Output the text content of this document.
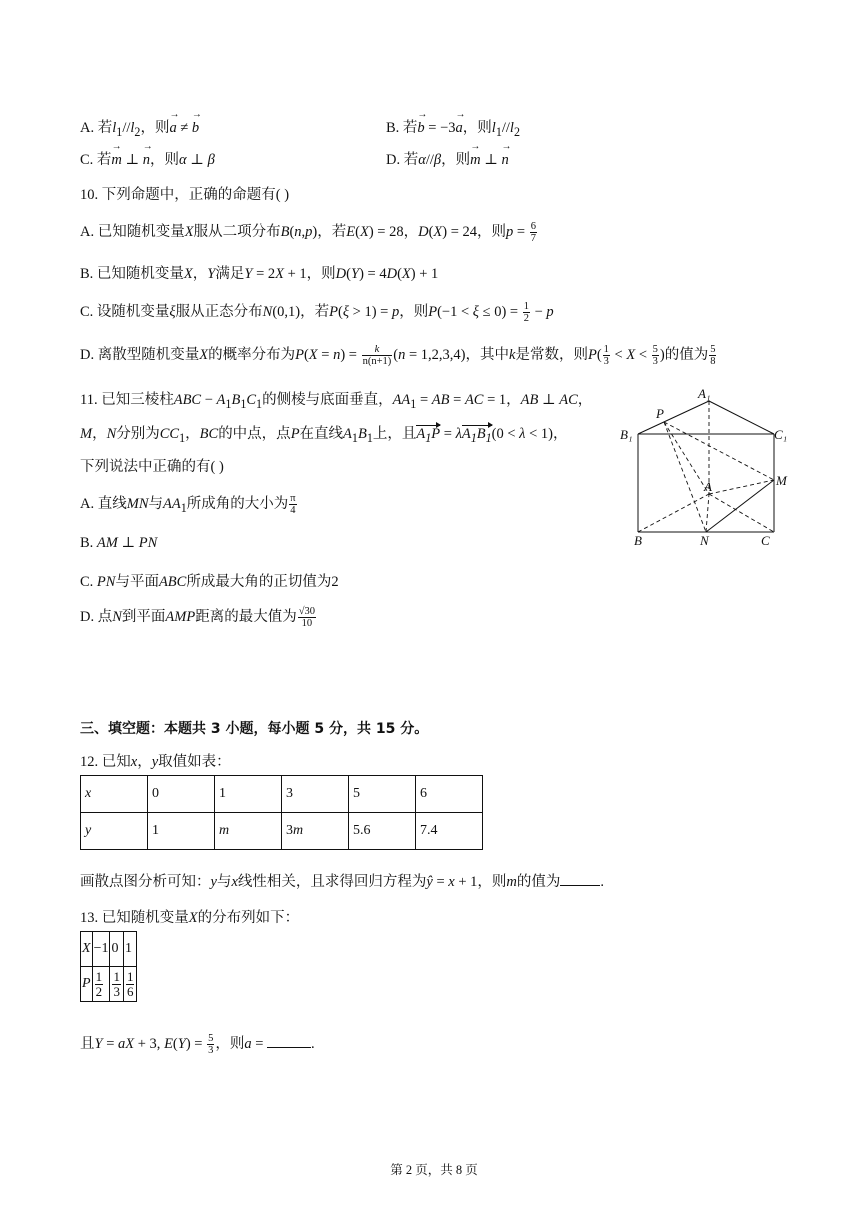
A. 若$l_1//l_2$，则→ a ≠ → b	B. 若→ b = −3→ a，则$l_1//l_2$
C. 若→ m ⊥ → n，则α ⊥ β	D. 若α//β，则→ m ⊥ → n
10. 下列命题中，正确的命题有( )
A. 已知随机变量X服从二项分布B(n,p)，若E(X) = 28，D(X) = 24，则$p = \frac{6}{7}$
B. 已知随机变量X，Y满足Y = 2X + 1，则D(Y) = 4D(X) + 1
C. 设随机变量ξ服从正态分布N(0,1)，若P(ξ > 1) = p，则$P(-1 < \xi \le 0) = \frac{1}{2} - p$
D. 离散型随机变量X的概率分布为$P(X = n) = \frac{k}{n(n+1)} (n = 1,2,3,4)$，其中k是常数，则$P( \frac{1}{3} < X < \frac{5}{3}$ )的值为 $\frac{5}{8}$
11. 已知三棱柱ABC − $A_1B_1C_1$的侧棱与底面垂直，$AA_1$ = AB = AC = 1，AB ⊥ AC，
M，N分别为$CC_1$，BC的中点，点P在直线$A_1B_1$上，且$A_1P = \lambda A_1B_1(0 < \lambda < 1)$，
下列说法中正确的有( )
A. 直线MN与$AA_1$所成角的大小为 $\frac{\pi}{4}$
B. AM ⊥ PN
C. PN与平面ABC所成最大角的正切值为2
D. 点N到平面AMP距离的最大值为 $\frac{√30}{10}$
A₁
P
B₁	C₁
M
A
B	N	C
三、填空题：本题共 3 小题，每小题 5 分，共 15 分。
12. 已知x，y取值如表：
x	0	1	3	5	6
y	1	m	3m	5.6	7.4
画散点图分析可知：y与x线性相关，且求得回归方程为ŷ = x + 1，则m的值为	.
13. 已知随机变量X的分布列如下：
X	−1	0	1
P	$\frac{1}{2}$	$\frac{1}{3}$	$\frac{1}{6}$
且Y = aX + 3, $E(Y) = \frac{5}{3}$ ，则a =	.
第 2 页，共 8 页
